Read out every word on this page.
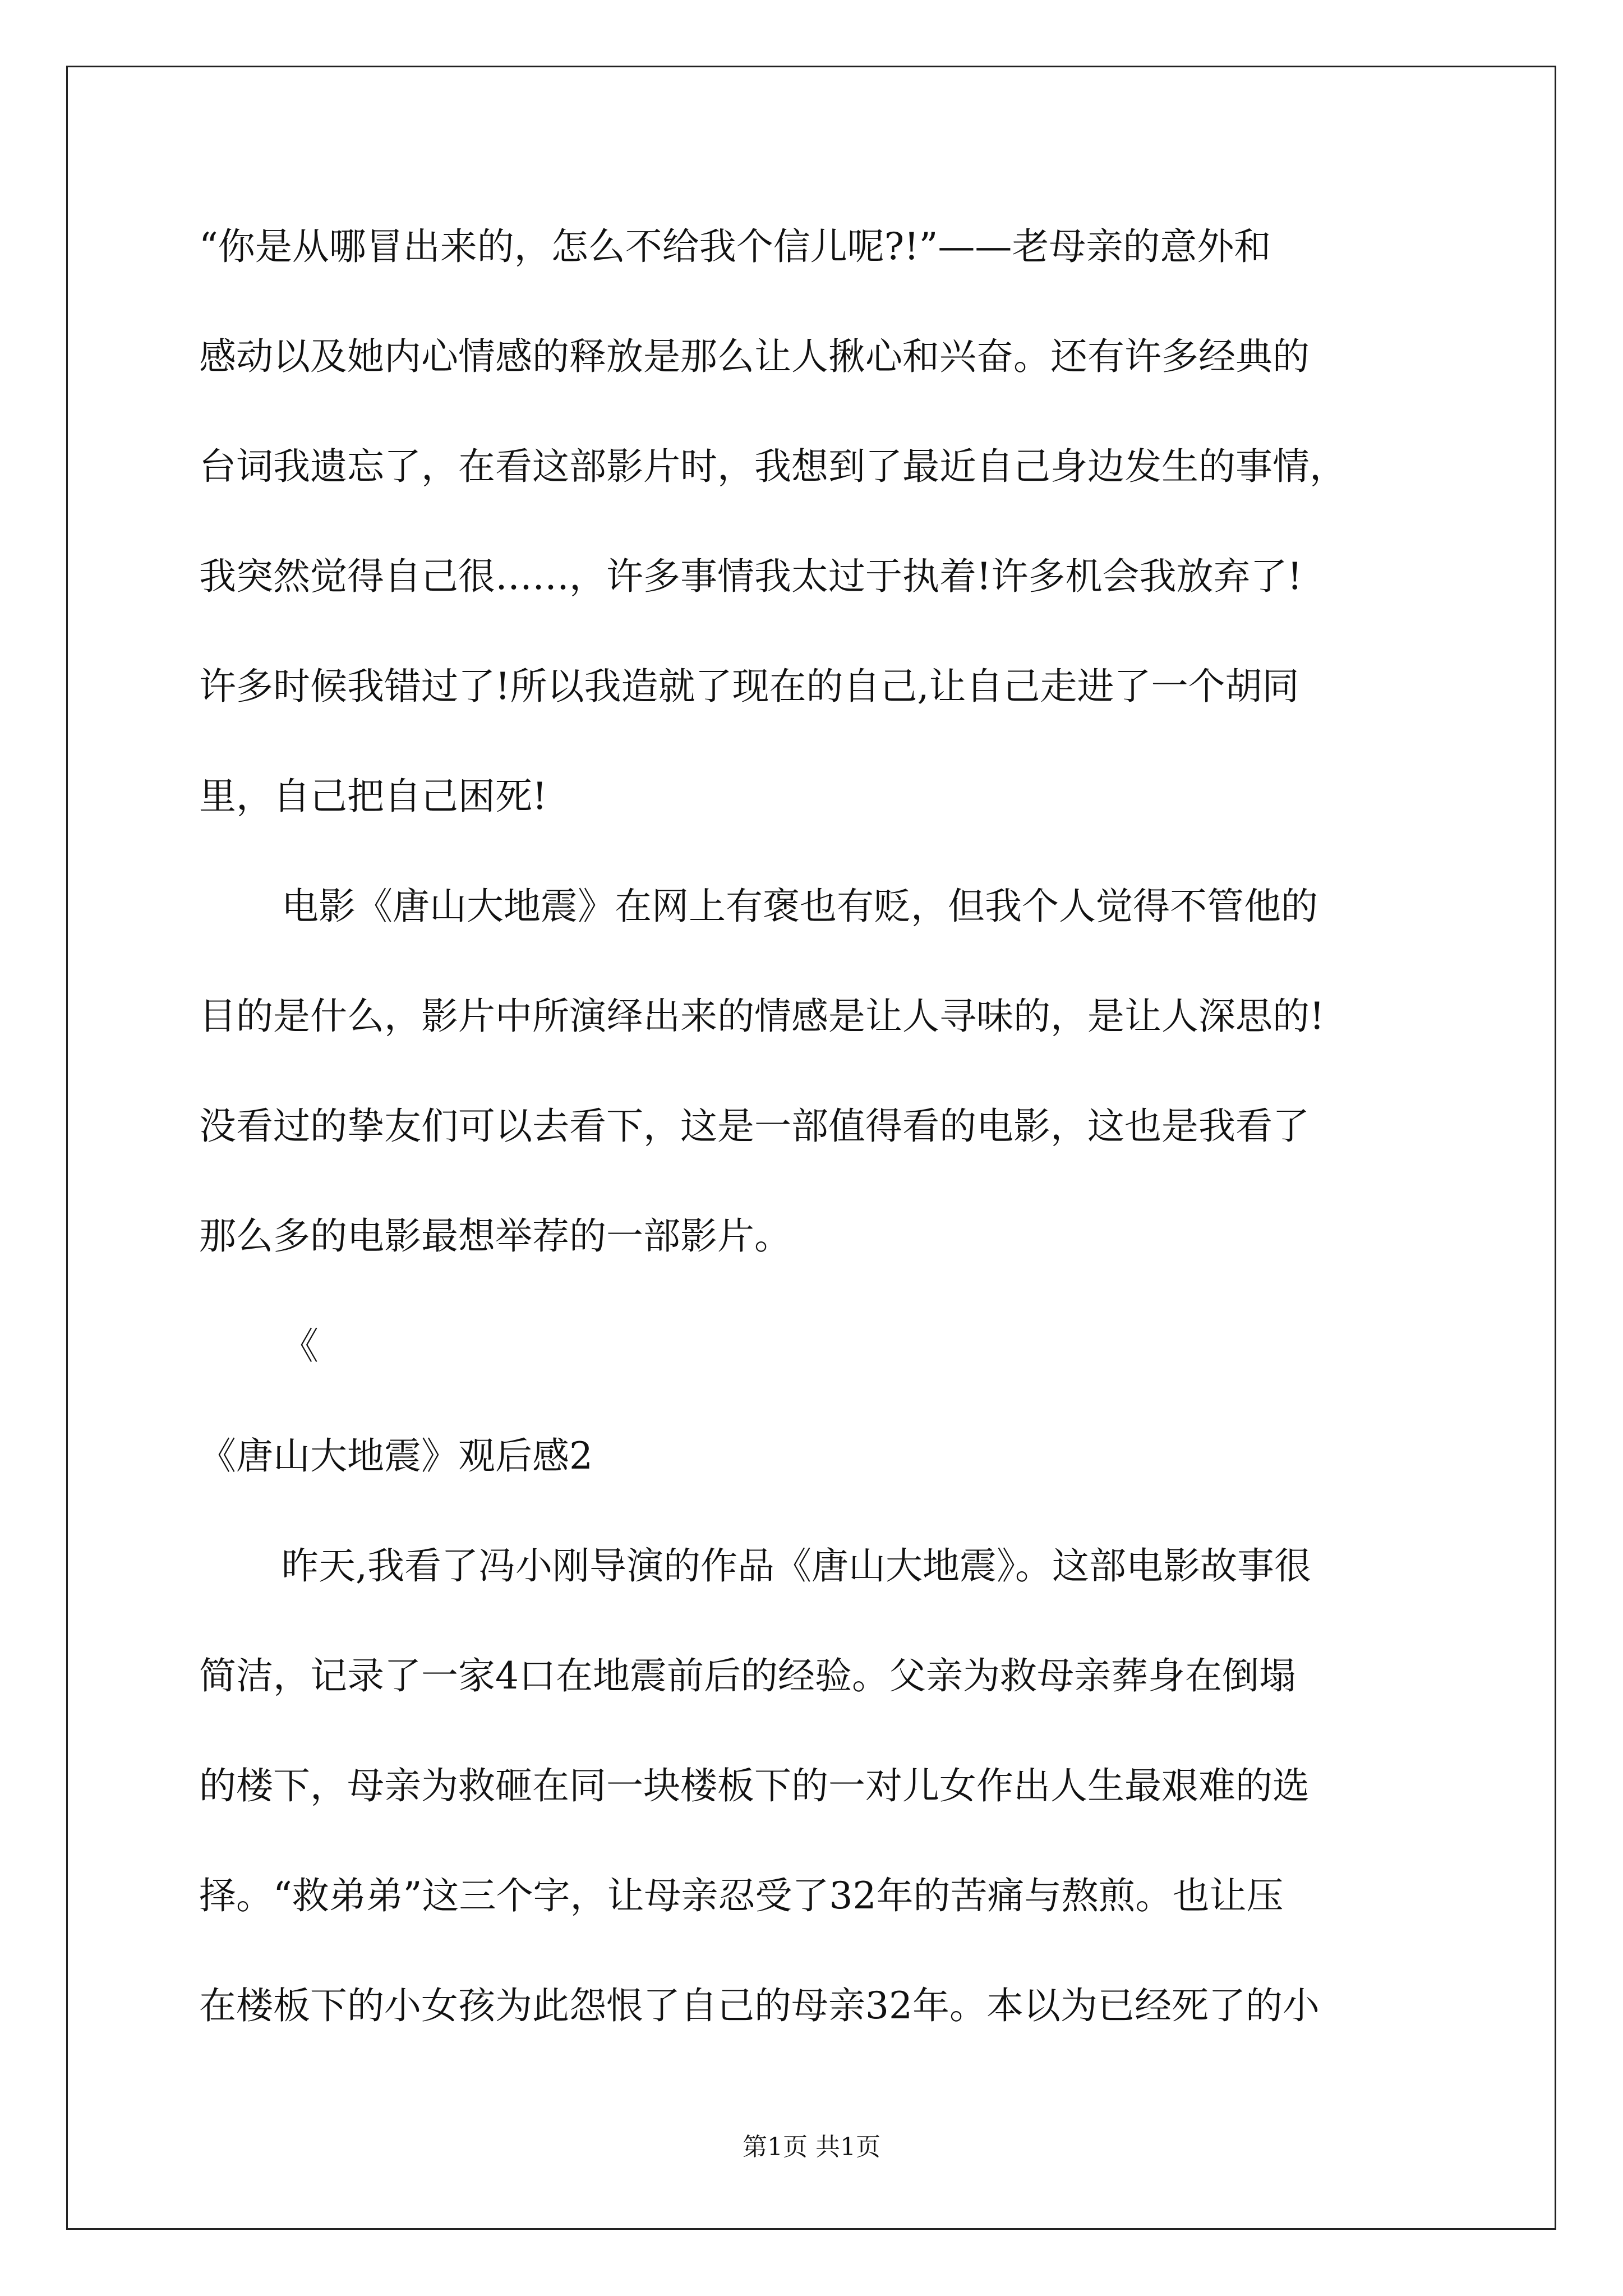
“你是从哪冒出来的，怎么不给我个信儿呢?!”——老母亲的意外和
感动以及她内心情感的释放是那么让人揪心和兴奋。还有许多经典的
台词我遗忘了，在看这部影片时，我想到了最近自己身边发生的事情，
我突然觉得自己很……，许多事情我太过于执着!许多机会我放弃了!
许多时候我错过了!所以我造就了现在的自己,让自己走进了一个胡同
里，自己把自己困死!
电影《唐山大地震》在网上有褒也有贬，但我个人觉得不管他的
目的是什么，影片中所演绎出来的情感是让人寻味的，是让人深思的!
没看过的挚友们可以去看下，这是一部值得看的电影，这也是我看了
那么多的电影最想举荐的一部影片。
《
《唐山大地震》观后感2
昨天,我看了冯小刚导演的作品《唐山大地震》。这部电影故事很
简洁，记录了一家4口在地震前后的经验。父亲为救母亲葬身在倒塌
的楼下，母亲为救砸在同一块楼板下的一对儿女作出人生最艰难的选
择。“救弟弟”这三个字，让母亲忍受了32年的苦痛与熬煎。也让压
在楼板下的小女孩为此怨恨了自己的母亲32年。本以为已经死了的小
第1页 共1页
